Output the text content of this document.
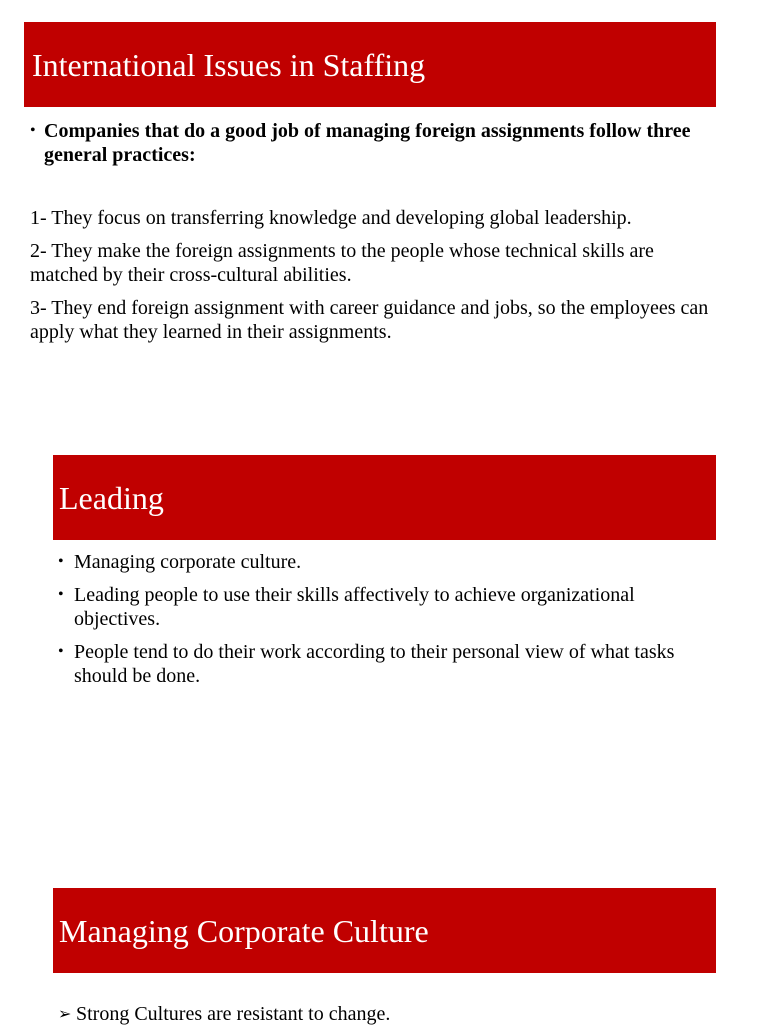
International Issues in Staffing
• Companies that do a good job of managing foreign assignments follow three general practices:

1- They focus on transferring knowledge and developing global leadership.

2- They make the foreign assignments to the people whose technical skills are matched by their cross-cultural abilities.

3- They end foreign assignment with career guidance and jobs, so the employees can apply what they learned in their assignments.

Leading
• Managing corporate culture.
• Leading people to use their skills affectively to achieve organizational objectives.
• People tend to do their work according to their personal view of what tasks should be done.
Managing Corporate Culture
➢ Strong Cultures are resistant to change.
